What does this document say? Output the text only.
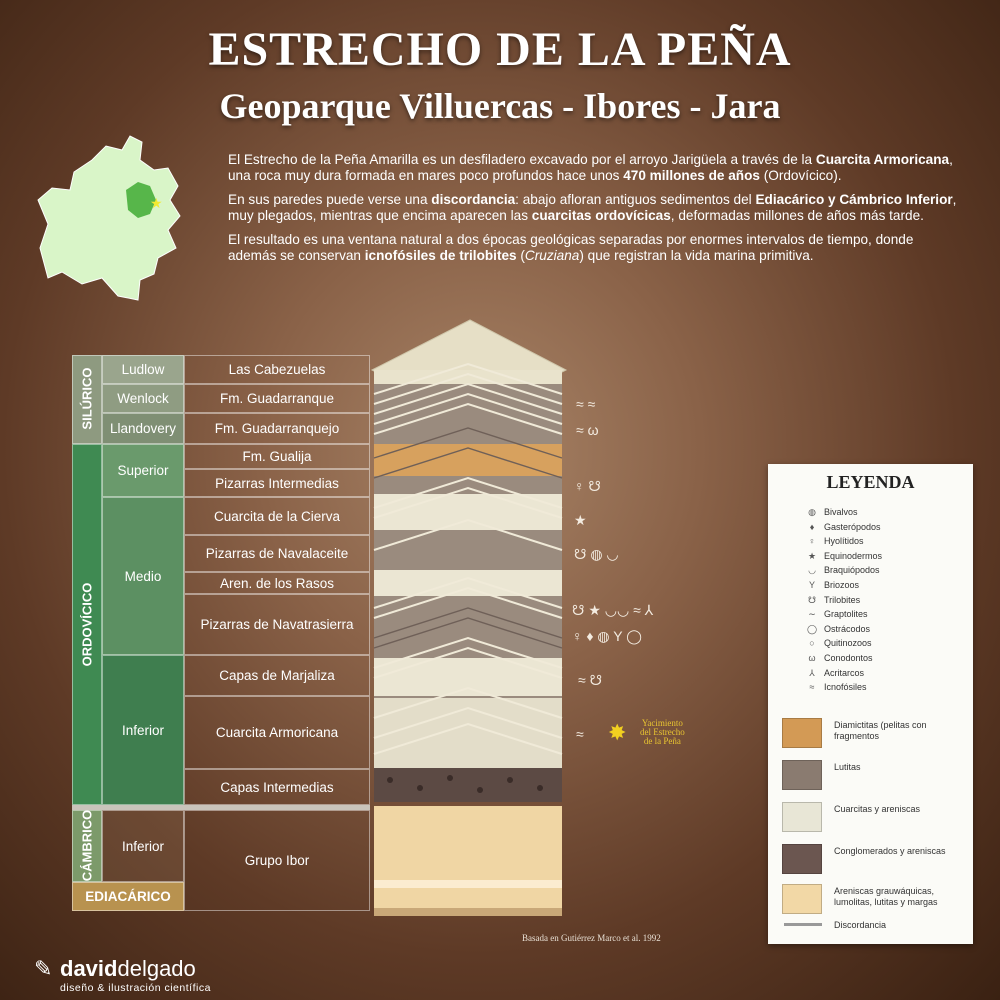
ESTRECHO DE LA PEÑA
Geoparque Villuercas - Ibores - Jara
★

El Estrecho de la Peña Amarilla es un desfiladero excavado por el arroyo Jarigüela a través de la Cuarcita Armoricana, una roca muy dura formada en mares poco profundos hace unos 470 millones de años (Ordovícico).

En sus paredes puede verse una discordancia: abajo afloran antiguos sedimentos del Ediacárico y Cámbrico Inferior, muy plegados, mientras que encima aparecen las cuarcitas ordovícicas, deformadas millones de años más tarde.

El resultado es una ventana natural a dos épocas geológicas separadas por enormes intervalos de tiempo, donde además se conservan icnofósiles de trilobites (Cruziana) que registran la vida marina primitiva.

SILÚRICO
ORDOVÍCICO
CÁMBRICO
EDIACÁRICO
Ludlow
Wenlock
Llandovery
Superior
Medio
Inferior
Inferior
Las Cabezuelas
Fm. Guadarranque
Fm. Guadarranquejo
Fm. Gualija
Pizarras Intermedias
Cuarcita de la Cierva
Pizarras de Navalaceite
Aren. de los Rasos
Pizarras de Navatrasierra
Capas de Marjaliza
Cuarcita Armoricana
Capas Intermedias
Grupo Ibor
≈ ≈
≈ ω
♀ ☋
★
☋ ◍ ◡
☋ ★ ◡◡ ≈ ⅄
♀ ♦ ◍ Y ◯
≈ ☋
≈ ✸ Yacimiento
del Estrecho
de la Peña
LEYENDA
◍ Bivalvos
♦ Gasterópodos
♀ Hyolítidos
★ Equinodermos
◡ Braquiópodos
Y Briozoos
☋ Trilobites
∼ Graptolites
◯ Ostrácodos
○ Quitinozoos
ω Conodontos
⅄ Acritarcos
≈ Icnofósiles
Diamictitas (pelitas con fragmentos
Lutitas
Cuarcitas y areniscas
Conglomerados y areniscas
Areniscas grauwáquicas, lumolitas, lutitas y margas
Discordancia
Basada en Gutiérrez Marco et al. 1992
✎ daviddelgado
diseño & ilustración científica
